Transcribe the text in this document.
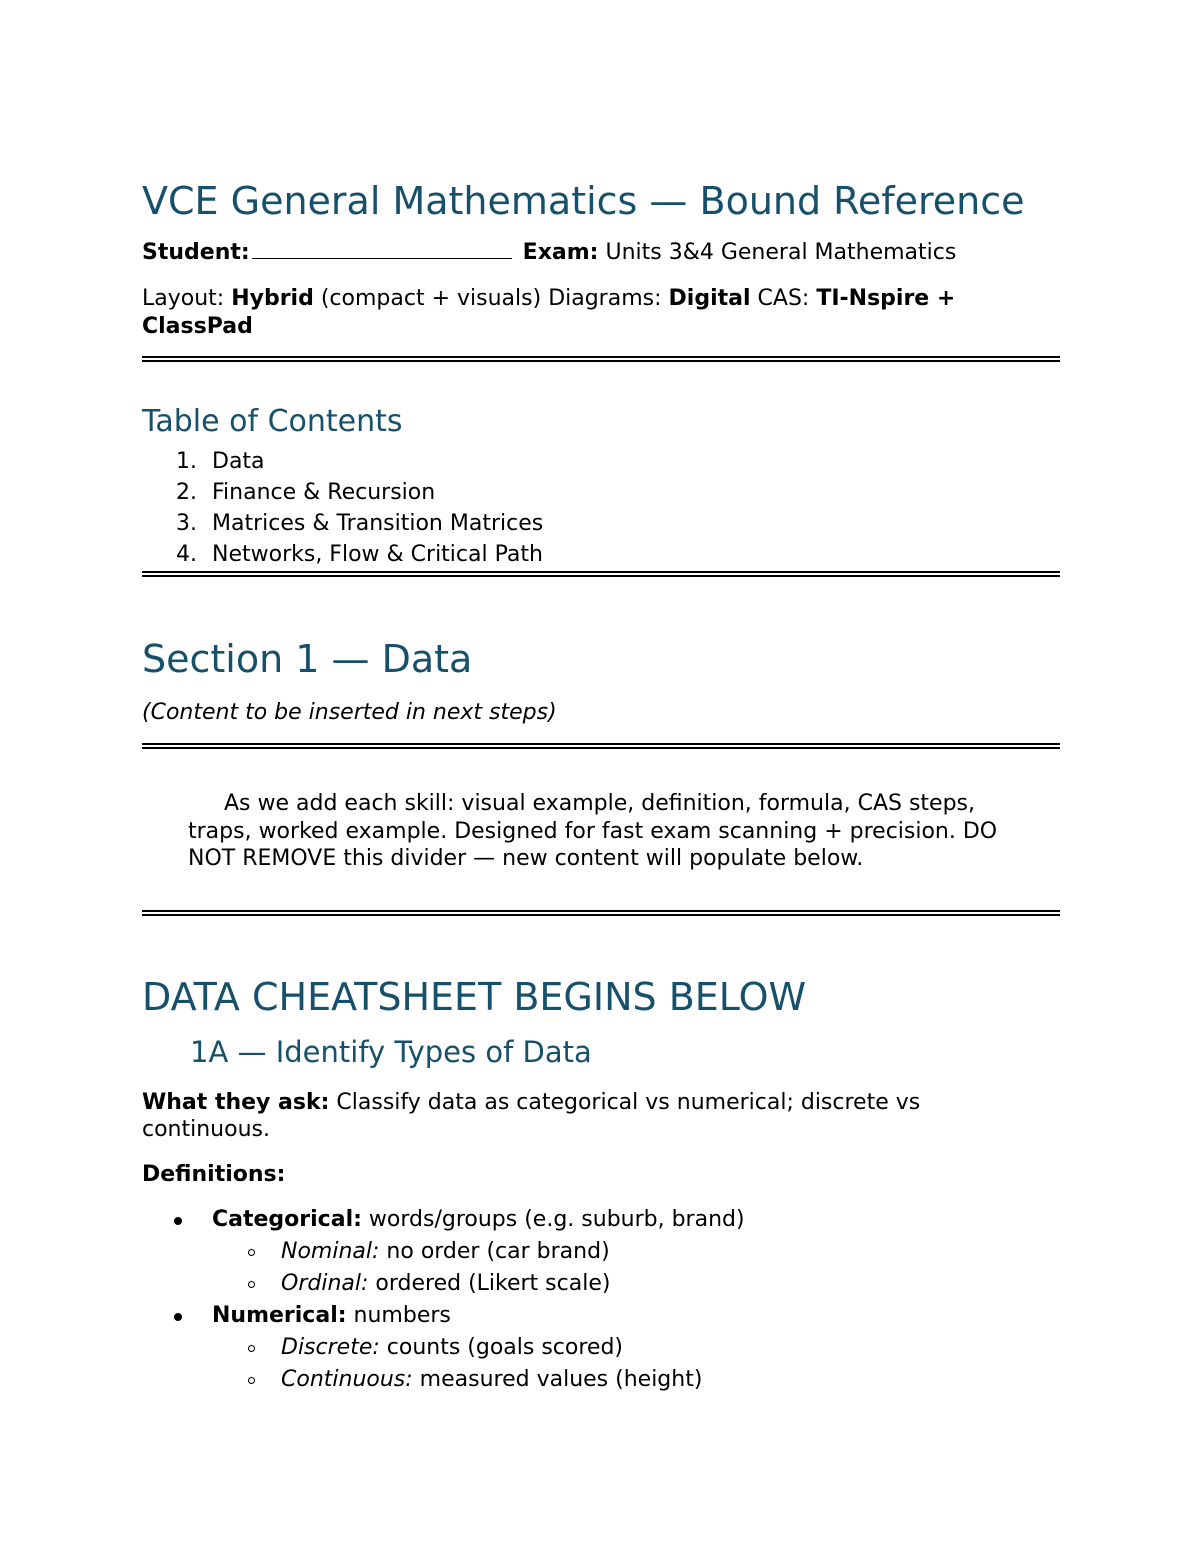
VCE General Mathematics — Bound Reference
Student:	Exam: Units 3&4 General Mathematics
Layout: Hybrid (compact + visuals) Diagrams: Digital CAS: TI-Nspire + ClassPad
Table of Contents
1. Data
2. Finance & Recursion
3. Matrices & Transition Matrices
4. Networks, Flow & Critical Path
Section 1 — Data
(Content to be inserted in next steps)
As we add each skill: visual example, definition, formula, CAS steps, traps, worked example. Designed for fast exam scanning + precision. DO NOT REMOVE this divider — new content will populate below.
DATA CHEATSHEET BEGINS BELOW
1A — Identify Types of Data
What they ask: Classify data as categorical vs numerical; discrete vs continuous.
Definitions:
Categorical: words/groups (e.g. suburb, brand)
Nominal: no order (car brand)
Ordinal: ordered (Likert scale)
Numerical: numbers
Discrete: counts (goals scored)
Continuous: measured values (height)
